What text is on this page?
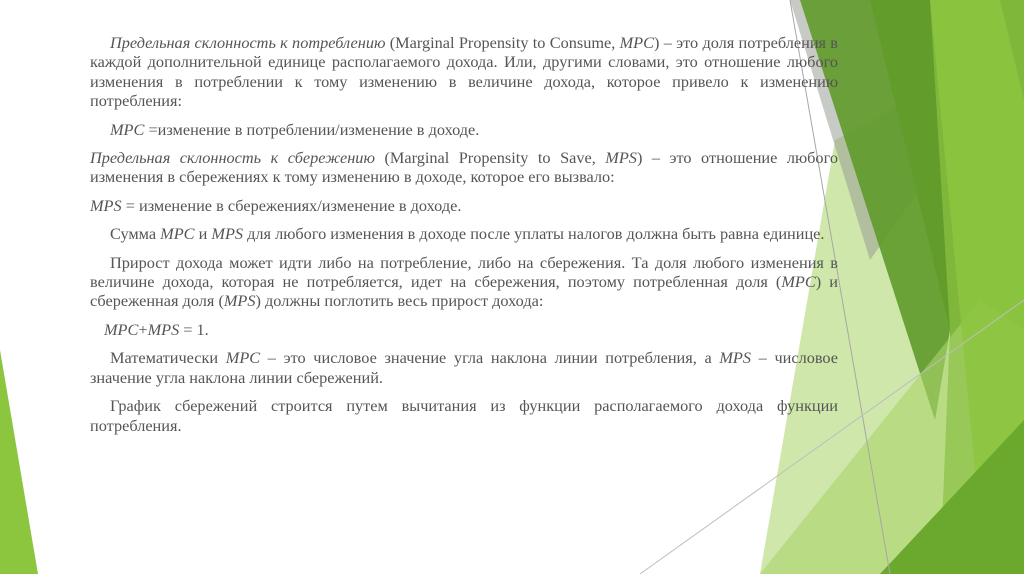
Предельная склонность к потреблению (Marginal Propensity to Consume, MPC) – это доля потребления в каждой дополнительной единице располагаемого дохода. Или, другими словами, это отношение любого изменения в потреблении к тому изменению в величине дохода, которое привело к изменению потребления:

MPC =изменение в потреблении/изменение в доходе.

Предельная склонность к сбережению (Marginal Propensity to Save, MPS) – это отношение любого изменения в сбережениях к тому изменению в доходе, которое его вызвало:

MPS = изменение в сбережениях/изменение в доходе.

Сумма MPC и MPS для любого изменения в доходе после уплаты налогов должна быть равна единице.

Прирост дохода может идти либо на потребление, либо на сбережения. Та доля любого изменения в величине дохода, которая не потребляется, идет на сбережения, поэтому потребленная доля (MPC) и сбереженная доля (MPS) должны поглотить весь прирост дохода:

MPC+MPS = 1.

Математически MPC – это числовое значение угла наклона линии потребления, а MPS – числовое значение угла наклона линии сбережений.

График сбережений строится путем вычитания из функции располагаемого дохода функции потребления.
